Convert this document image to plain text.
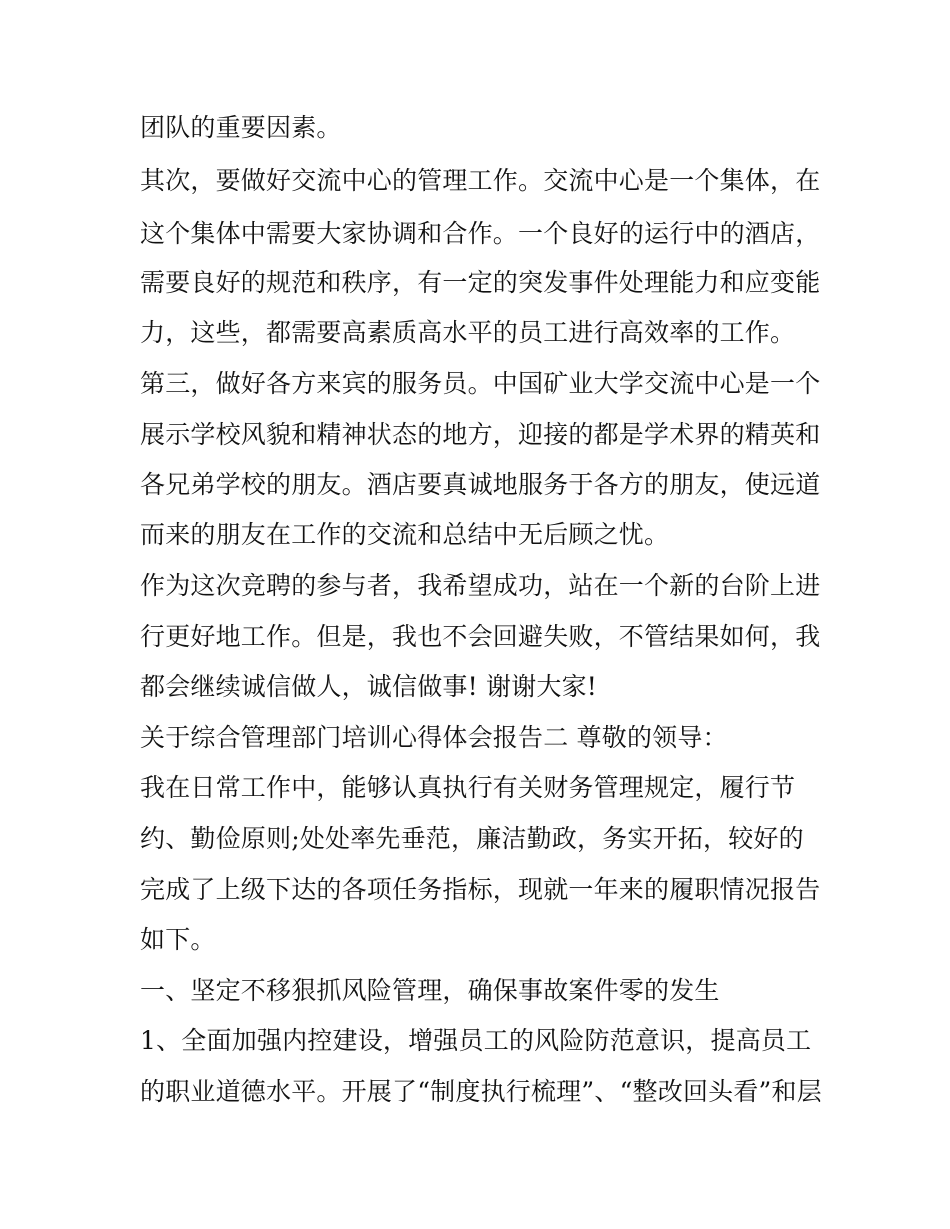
团队的重要因素。
其次，要做好交流中心的管理工作。交流中心是一个集体，在
这个集体中需要大家协调和合作。一个良好的运行中的酒店，
需要良好的规范和秩序，有一定的突发事件处理能力和应变能
力，这些，都需要高素质高水平的员工进行高效率的工作。
第三，做好各方来宾的服务员。中国矿业大学交流中心是一个
展示学校风貌和精神状态的地方，迎接的都是学术界的精英和
各兄弟学校的朋友。酒店要真诚地服务于各方的朋友，使远道
而来的朋友在工作的交流和总结中无后顾之忧。
作为这次竞聘的参与者，我希望成功，站在一个新的台阶上进
行更好地工作。但是，我也不会回避失败，不管结果如何，我
都会继续诚信做人，诚信做事! 谢谢大家!
关于综合管理部门培训心得体会报告二 尊敬的领导：
我在日常工作中，能够认真执行有关财务管理规定，履行节
约、勤俭原则;处处率先垂范，廉洁勤政，务实开拓，较好的
完成了上级下达的各项任务指标，现就一年来的履职情况报告
如下。
一、坚定不移狠抓风险管理，确保事故案件零的发生
1、全面加强内控建设，增强员工的风险防范意识，提高员工
的职业道德水平。开展了“制度执行梳理”、“整改回头看”和层
